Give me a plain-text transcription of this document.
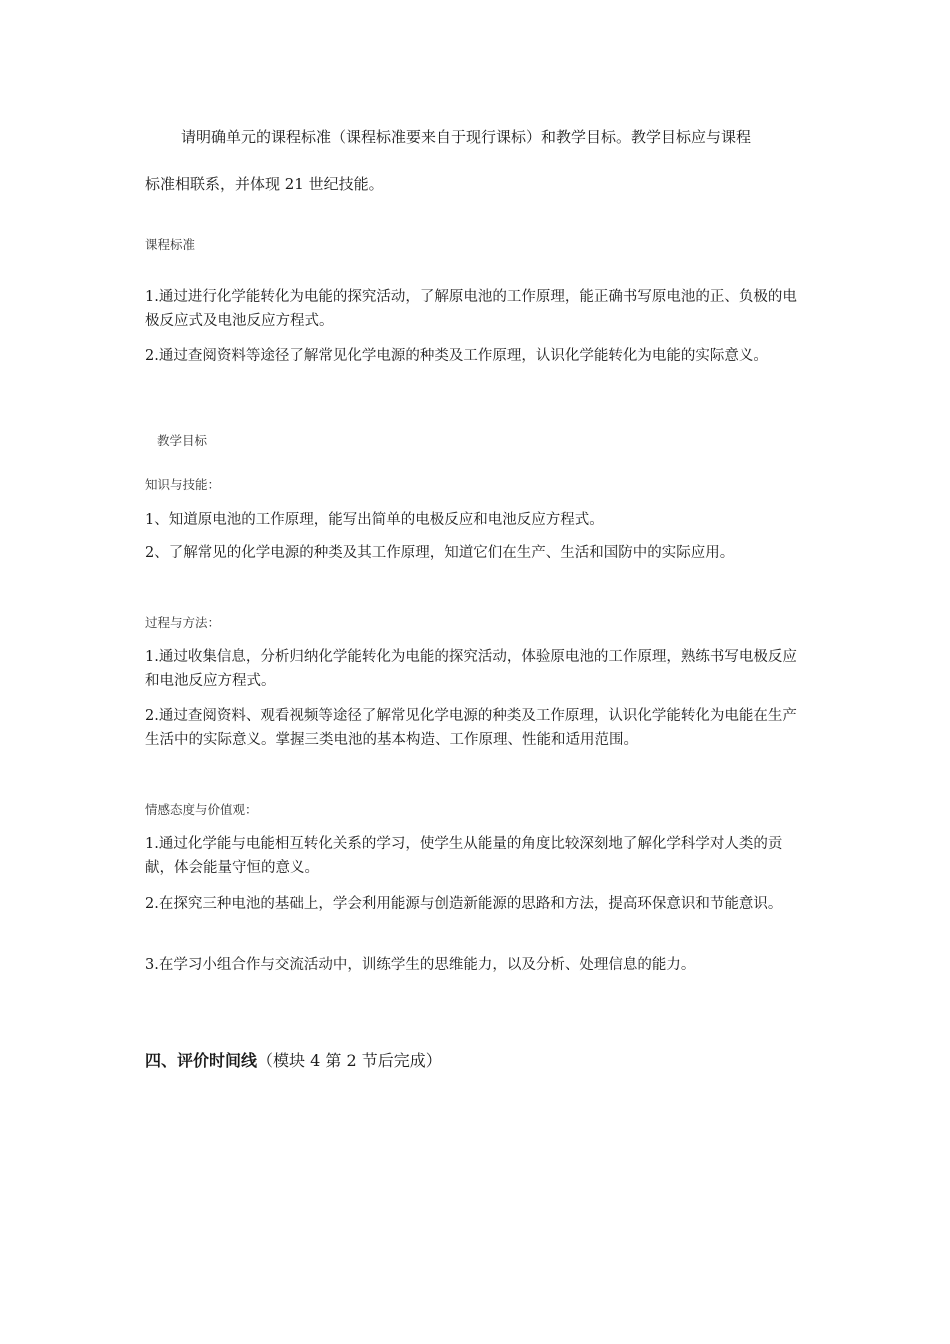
请明确单元的课程标准（课程标准要来自于现行课标）和教学目标。教学目标应与课程
标准相联系，并体现 21 世纪技能。
课程标准
1.通过进行化学能转化为电能的探究活动，了解原电池的工作原理，能正确书写原电池的正、负极的电极反应式及电池反应方程式。
2.通过查阅资料等途径了解常见化学电源的种类及工作原理，认识化学能转化为电能的实际意义。
教学目标
知识与技能：
1、知道原电池的工作原理，能写出简单的电极反应和电池反应方程式。
2、了解常见的化学电源的种类及其工作原理，知道它们在生产、生活和国防中的实际应用。
过程与方法：
1.通过收集信息，分析归纳化学能转化为电能的探究活动，体验原电池的工作原理，熟练书写电极反应和电池反应方程式。
2.通过查阅资料、观看视频等途径了解常见化学电源的种类及工作原理，认识化学能转化为电能在生产生活中的实际意义。掌握三类电池的基本构造、工作原理、性能和适用范围。
情感态度与价值观：
1.通过化学能与电能相互转化关系的学习，使学生从能量的角度比较深刻地了解化学科学对人类的贡献，体会能量守恒的意义。
2.在探究三种电池的基础上，学会利用能源与创造新能源的思路和方法，提高环保意识和节能意识。
3.在学习小组合作与交流活动中，训练学生的思维能力，以及分析、处理信息的能力。
四、评价时间线（模块 4 第 2 节后完成）
